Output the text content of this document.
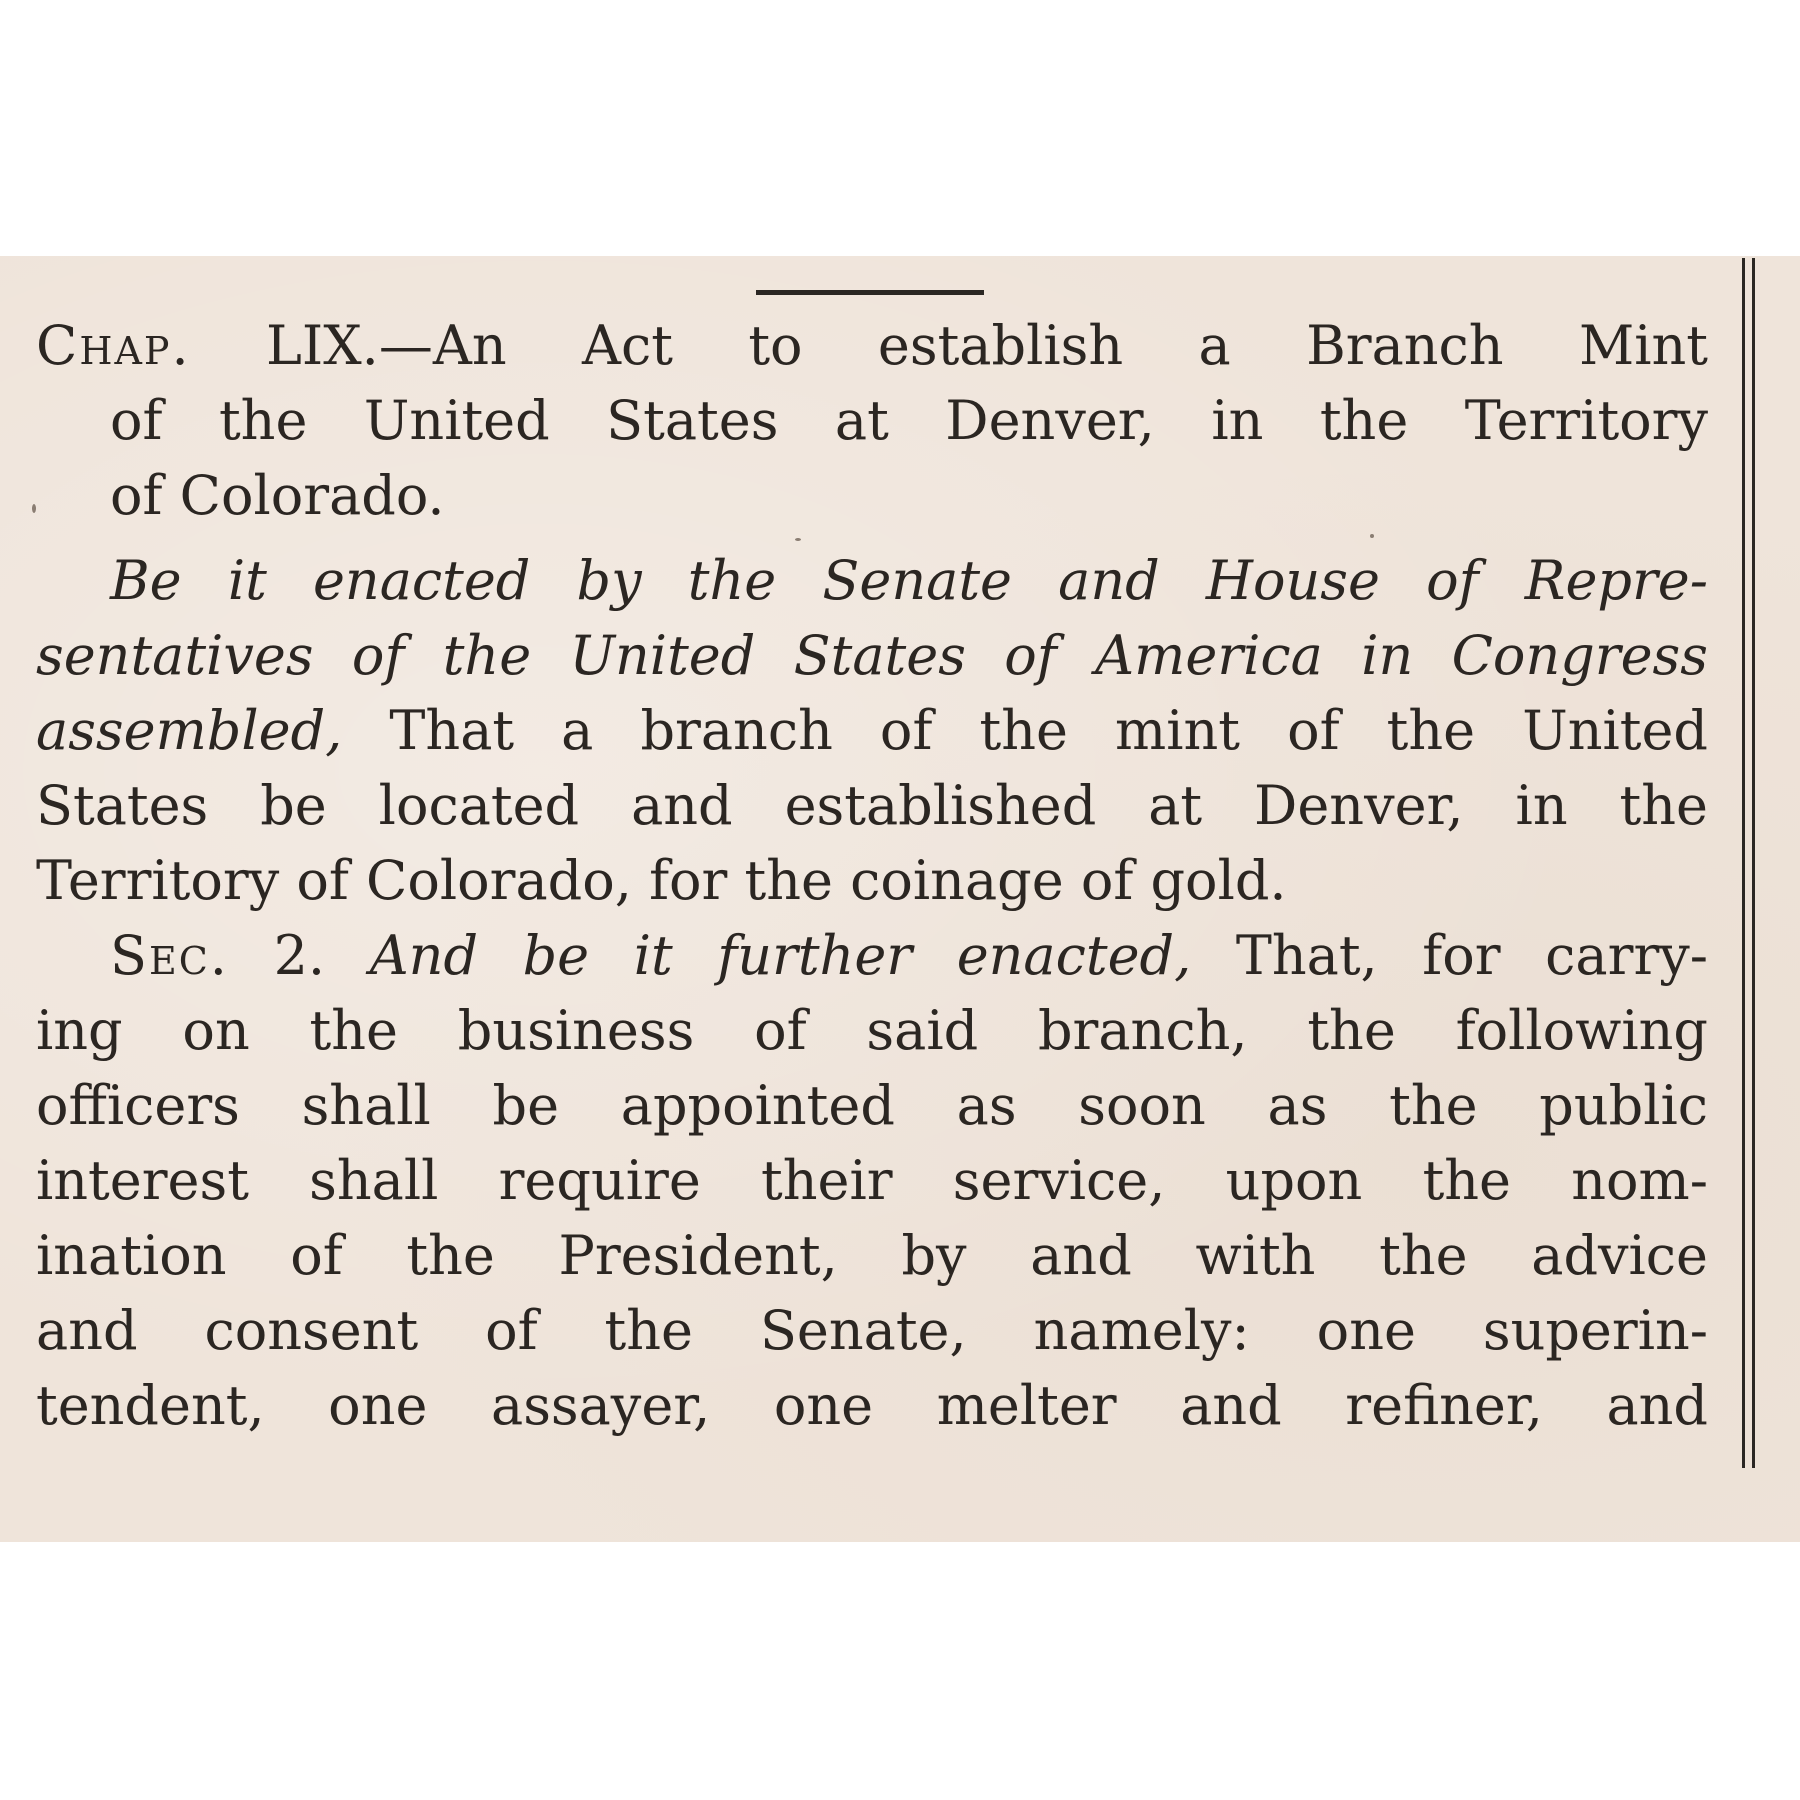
Chap. LIX.—An Act to establish a Branch Mint
of the United States at Denver, in the Territory
of Colorado.
Be it enacted by the Senate and House of Repre-
sentatives of the United States of America in Congress
assembled, That a branch of the mint of the United
States be located and established at Denver, in the
Territory of Colorado, for the coinage of gold.
Sec. 2. And be it further enacted, That, for carry-
ing on the business of said branch, the following
officers shall be appointed as soon as the public
interest shall require their service, upon the nom-
ination of the President, by and with the advice
and consent of the Senate, namely: one superin-
tendent, one assayer, one melter and refiner, and
